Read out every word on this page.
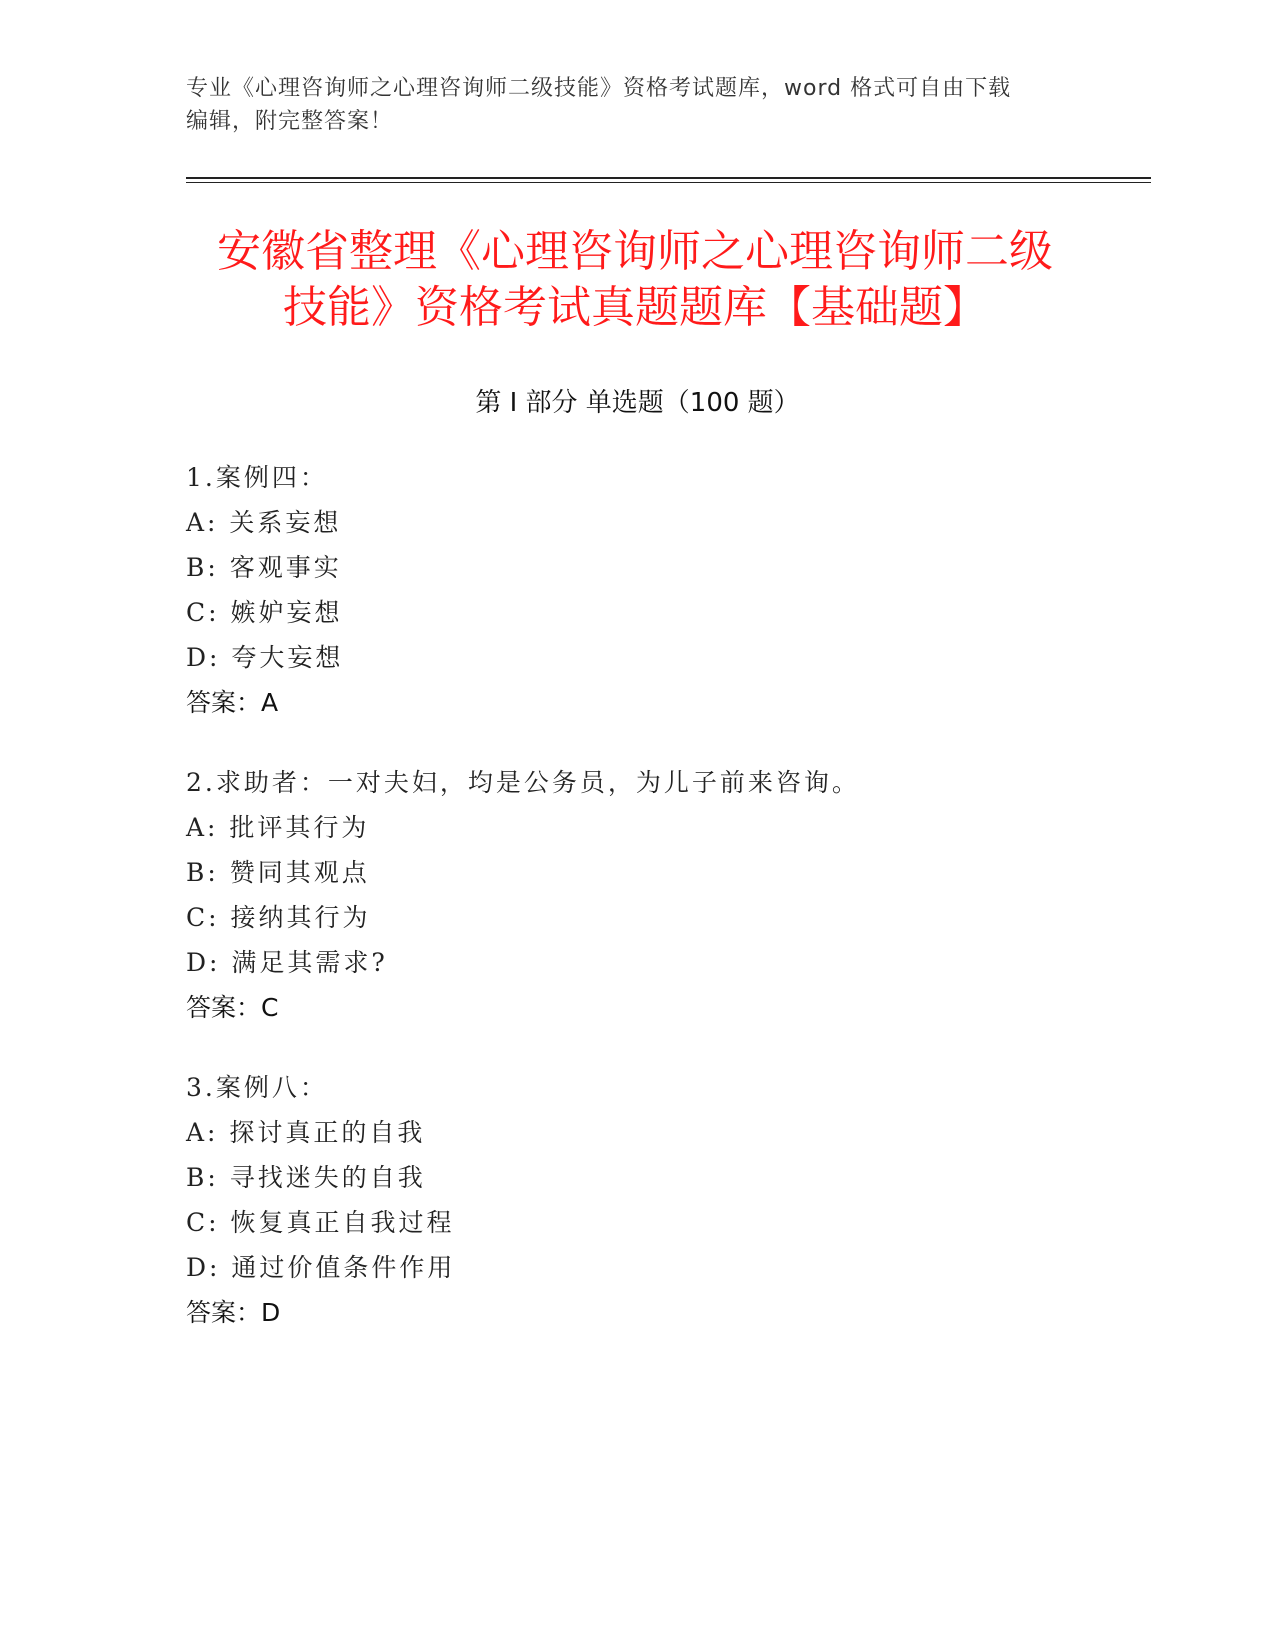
专业《心理咨询师之心理咨询师二级技能》资格考试题库，word 格式可自由下载
编辑，附完整答案！
安徽省整理《心理咨询师之心理咨询师二级
技能》资格考试真题题库【基础题】
第 I 部分 单选题（100 题）
1.案例四：
A: 关系妄想
B: 客观事实
C: 嫉妒妄想
D: 夸大妄想
答案：A
2.求助者：一对夫妇，均是公务员，为儿子前来咨询。
A: 批评其行为
B: 赞同其观点
C: 接纳其行为
D: 满足其需求?
答案：C
3.案例八：
A: 探讨真正的自我
B: 寻找迷失的自我
C: 恢复真正自我过程
D: 通过价值条件作用
答案：D
